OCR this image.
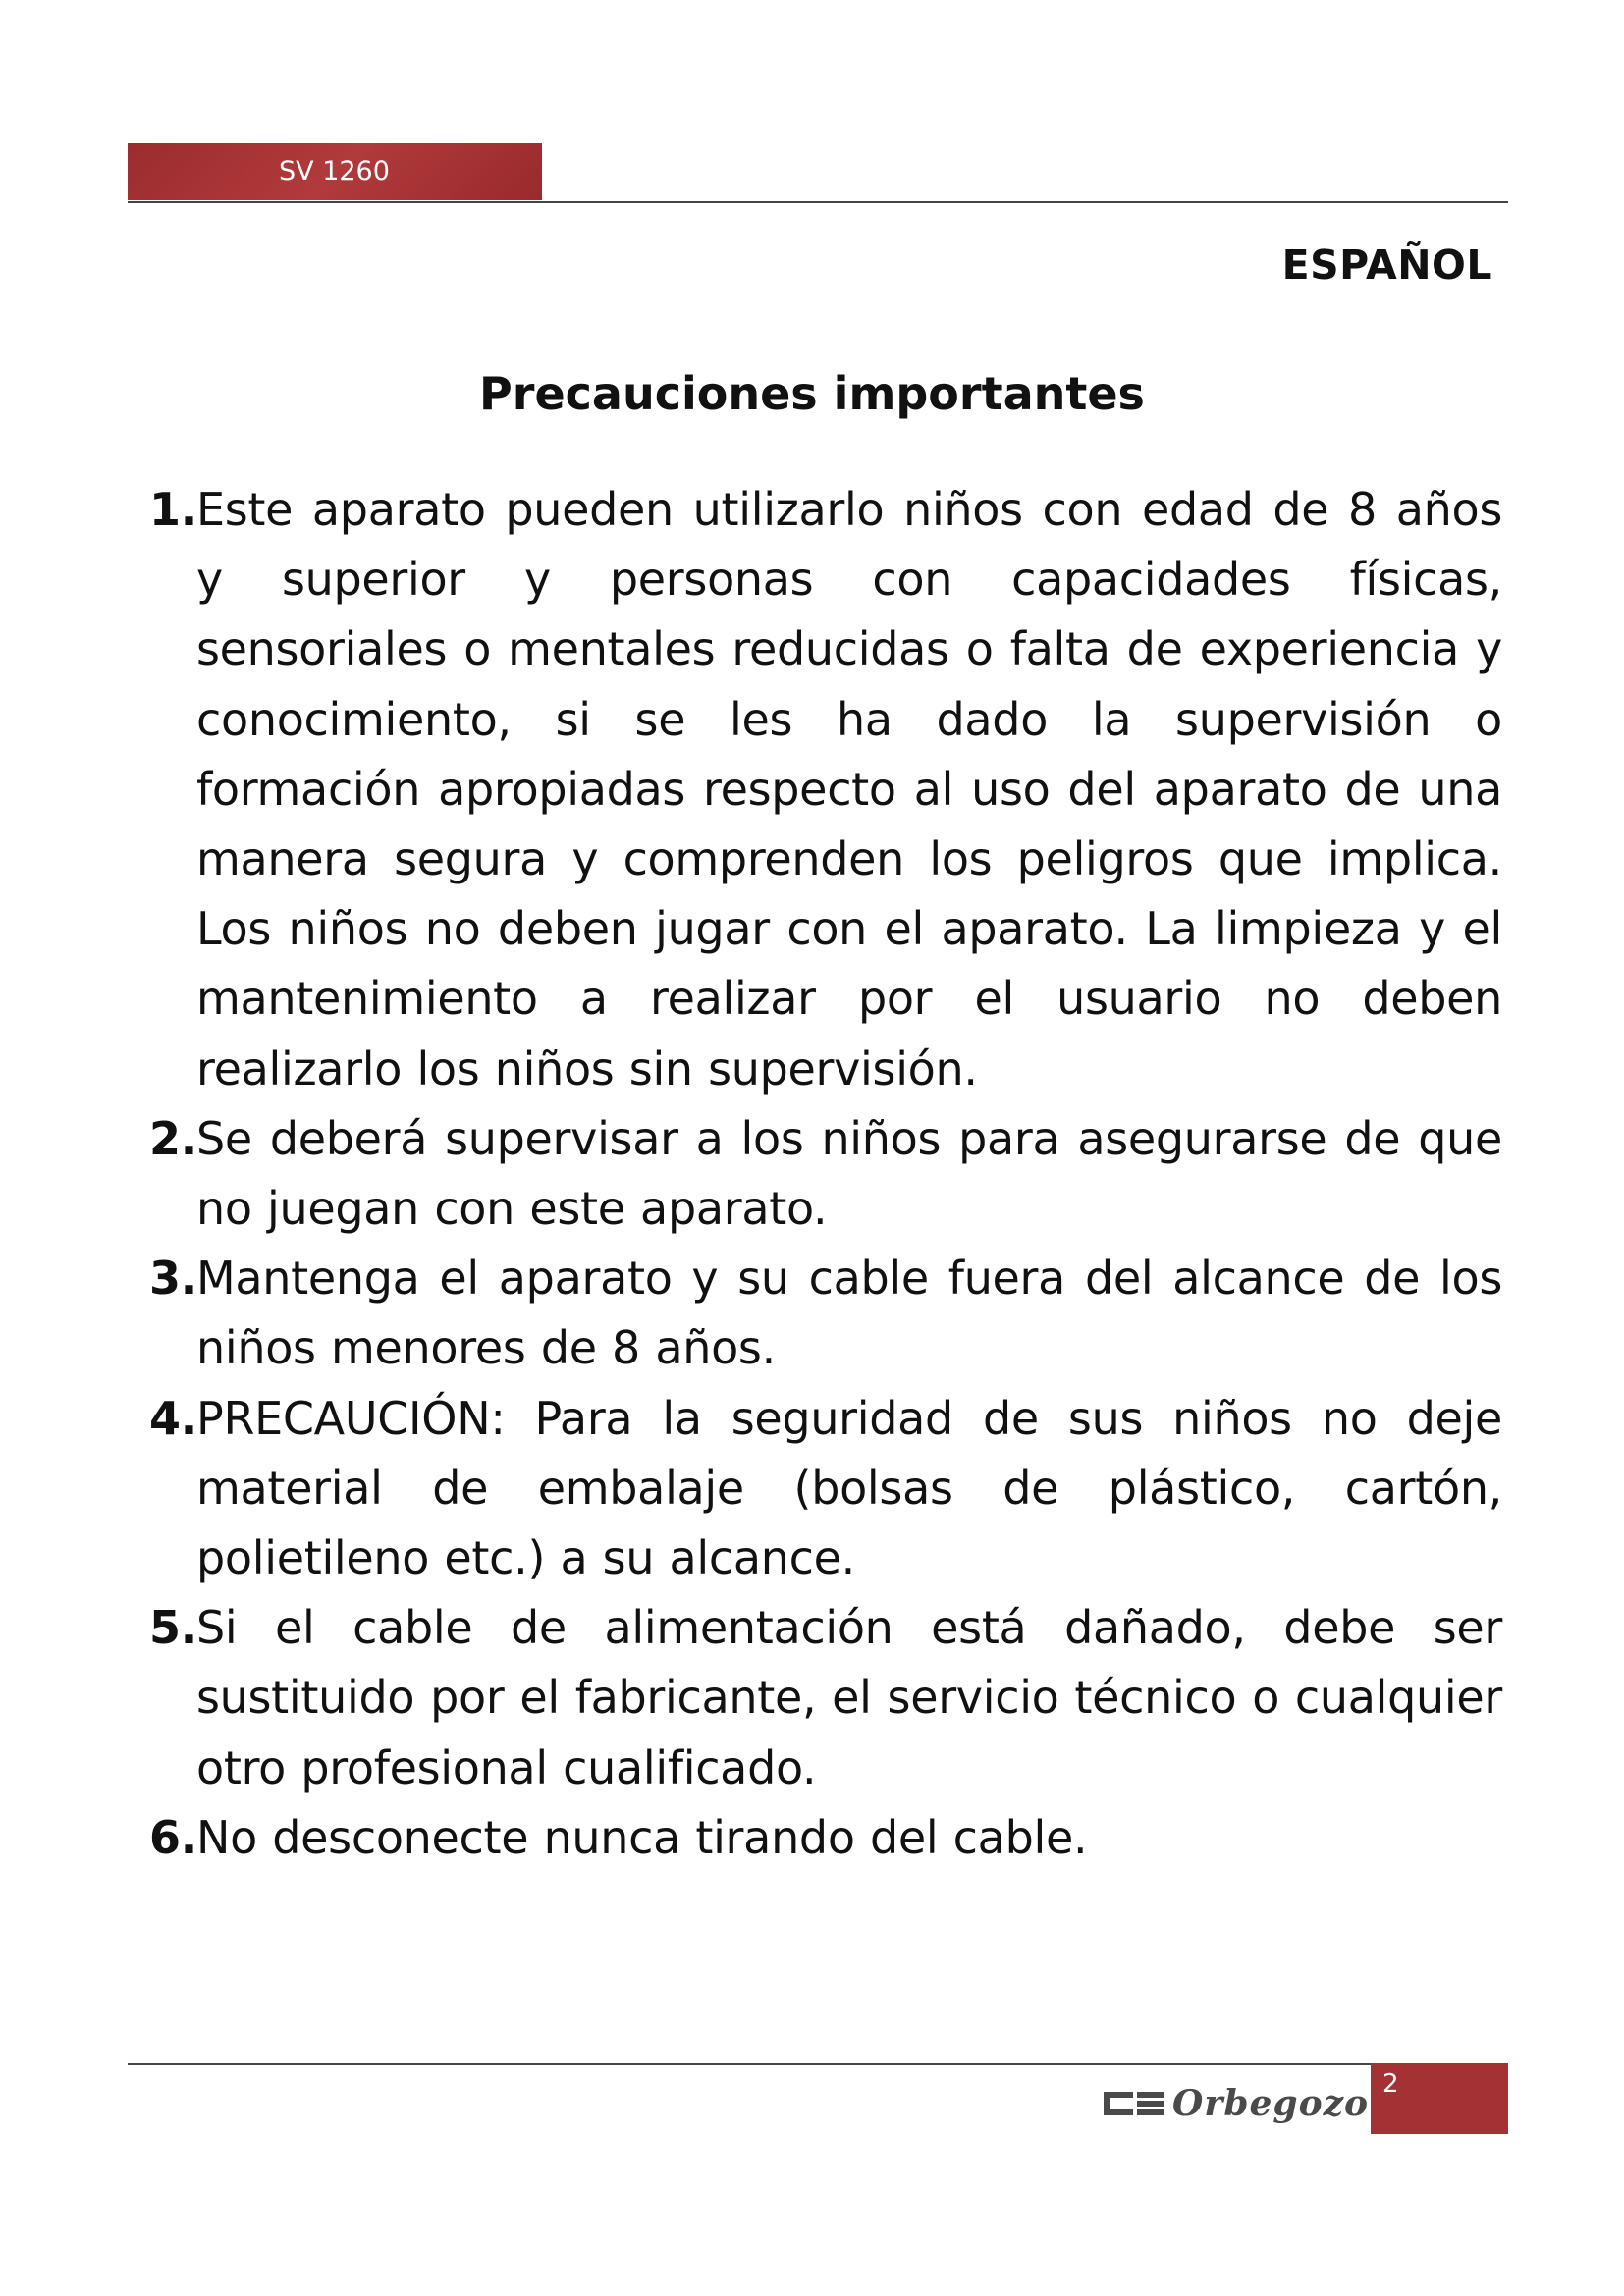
SV 1260
ESPAÑOL
Precauciones importantes
1. Este aparato pueden utilizarlo niños con edad de 8 años y superior y personas con capacidades físicas, sensoriales o mentales reducidas o falta de experiencia y conocimiento, si se les ha dado la supervisión o formación apropiadas respecto al uso del aparato de una manera segura y comprenden los peligros que implica. Los niños no deben jugar con el aparato. La limpieza y el mantenimiento a realizar por el usuario no deben realizarlo los niños sin supervisión.
2. Se deberá supervisar a los niños para asegurarse de que no juegan con este aparato.
3. Mantenga el aparato y su cable fuera del alcance de los niños menores de 8 años.
4. PRECAUCIÓN: Para la seguridad de sus niños no deje material de embalaje (bolsas de plástico, cartón, polietileno etc.) a su alcance.
5. Si el cable de alimentación está dañado, debe ser sustituido por el fabricante, el servicio técnico o cualquier otro profesional cualificado.
6. No desconecte nunca tirando del cable.
Orbegozo 2
